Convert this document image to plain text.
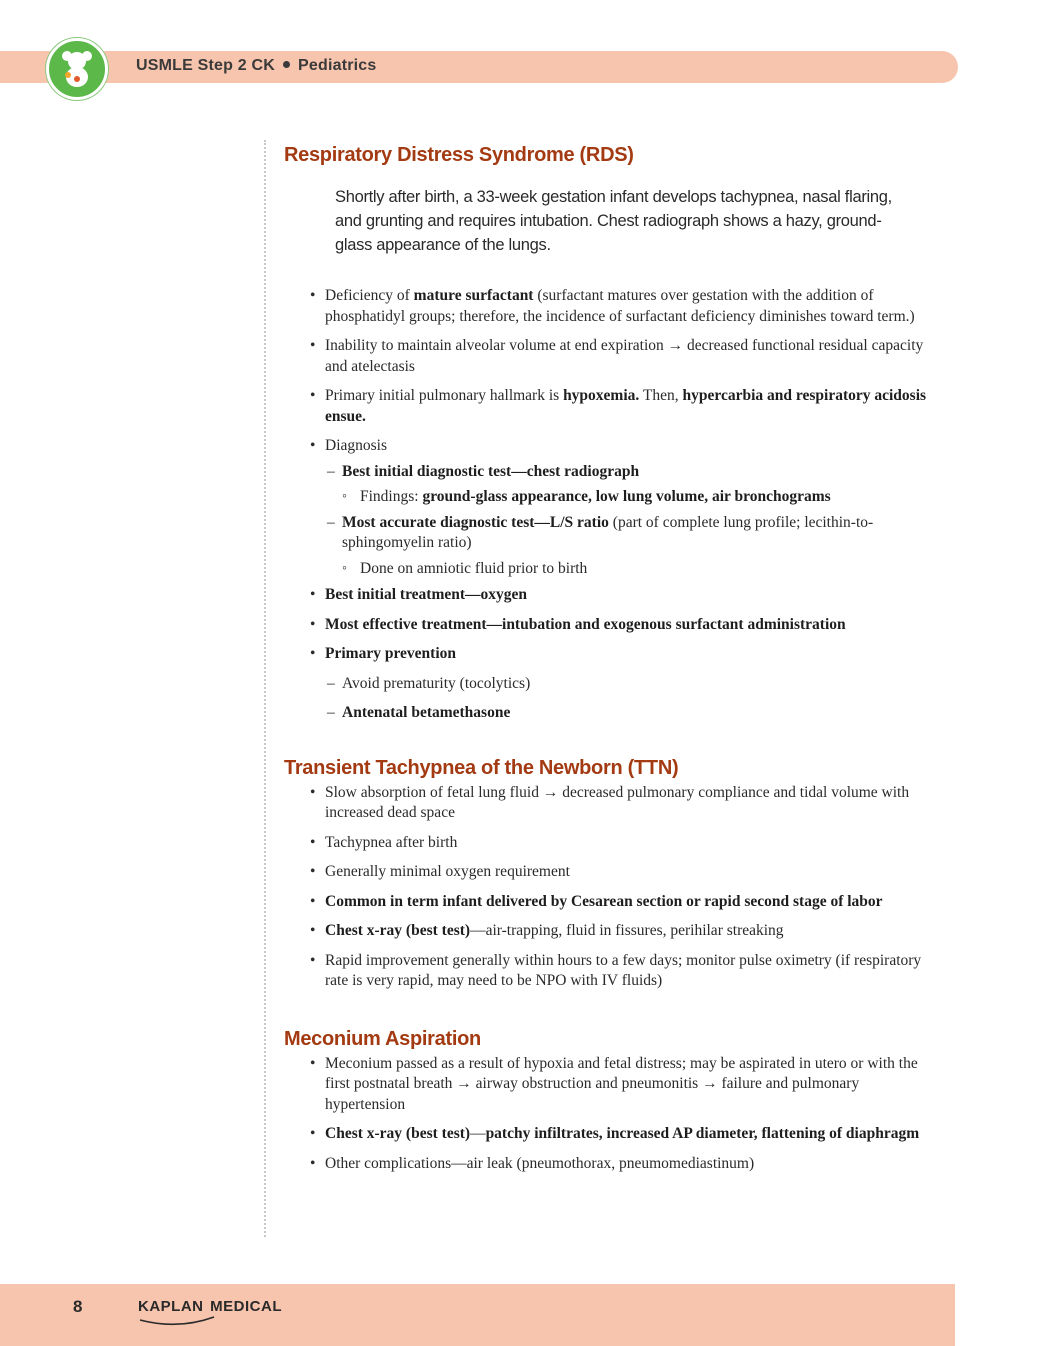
USMLE Step 2 CK Pediatrics
Respiratory Distress Syndrome (RDS)
Shortly after birth, a 33-week gestation infant develops tachypnea, nasal flaring, and grunting and requires intubation. Chest radiograph shows a hazy, ground-glass appearance of the lungs.
• Deficiency of mature surfactant (surfactant matures over gestation with the addition of phosphatidyl groups; therefore, the incidence of surfactant deficiency diminishes toward term.)
• Inability to maintain alveolar volume at end expiration → decreased functional residual capacity and atelectasis
• Primary initial pulmonary hallmark is hypoxemia. Then, hypercarbia and respiratory acidosis ensue.
• Diagnosis
– Best initial diagnostic test—chest radiograph
◦ Findings: ground-glass appearance, low lung volume, air bronchograms
– Most accurate diagnostic test—L/S ratio (part of complete lung profile; lecithin-to-sphingomyelin ratio)
◦ Done on amniotic fluid prior to birth
• Best initial treatment—oxygen
• Most effective treatment—intubation and exogenous surfactant administration
• Primary prevention
– Avoid prematurity (tocolytics)
– Antenatal betamethasone
Transient Tachypnea of the Newborn (TTN)
• Slow absorption of fetal lung fluid → decreased pulmonary compliance and tidal volume with increased dead space
• Tachypnea after birth
• Generally minimal oxygen requirement
• Common in term infant delivered by Cesarean section or rapid second stage of labor
• Chest x-ray (best test)—air-trapping, fluid in fissures, perihilar streaking
• Rapid improvement generally within hours to a few days; monitor pulse oximetry (if respiratory rate is very rapid, may need to be NPO with IV fluids)
Meconium Aspiration
• Meconium passed as a result of hypoxia and fetal distress; may be aspirated in utero or with the first postnatal breath → airway obstruction and pneumonitis → failure and pulmonary hypertension
• Chest x-ray (best test)—patchy infiltrates, increased AP diameter, flattening of diaphragm
• Other complications—air leak (pneumothorax, pneumomediastinum)
8	KAPLAN MEDICAL
